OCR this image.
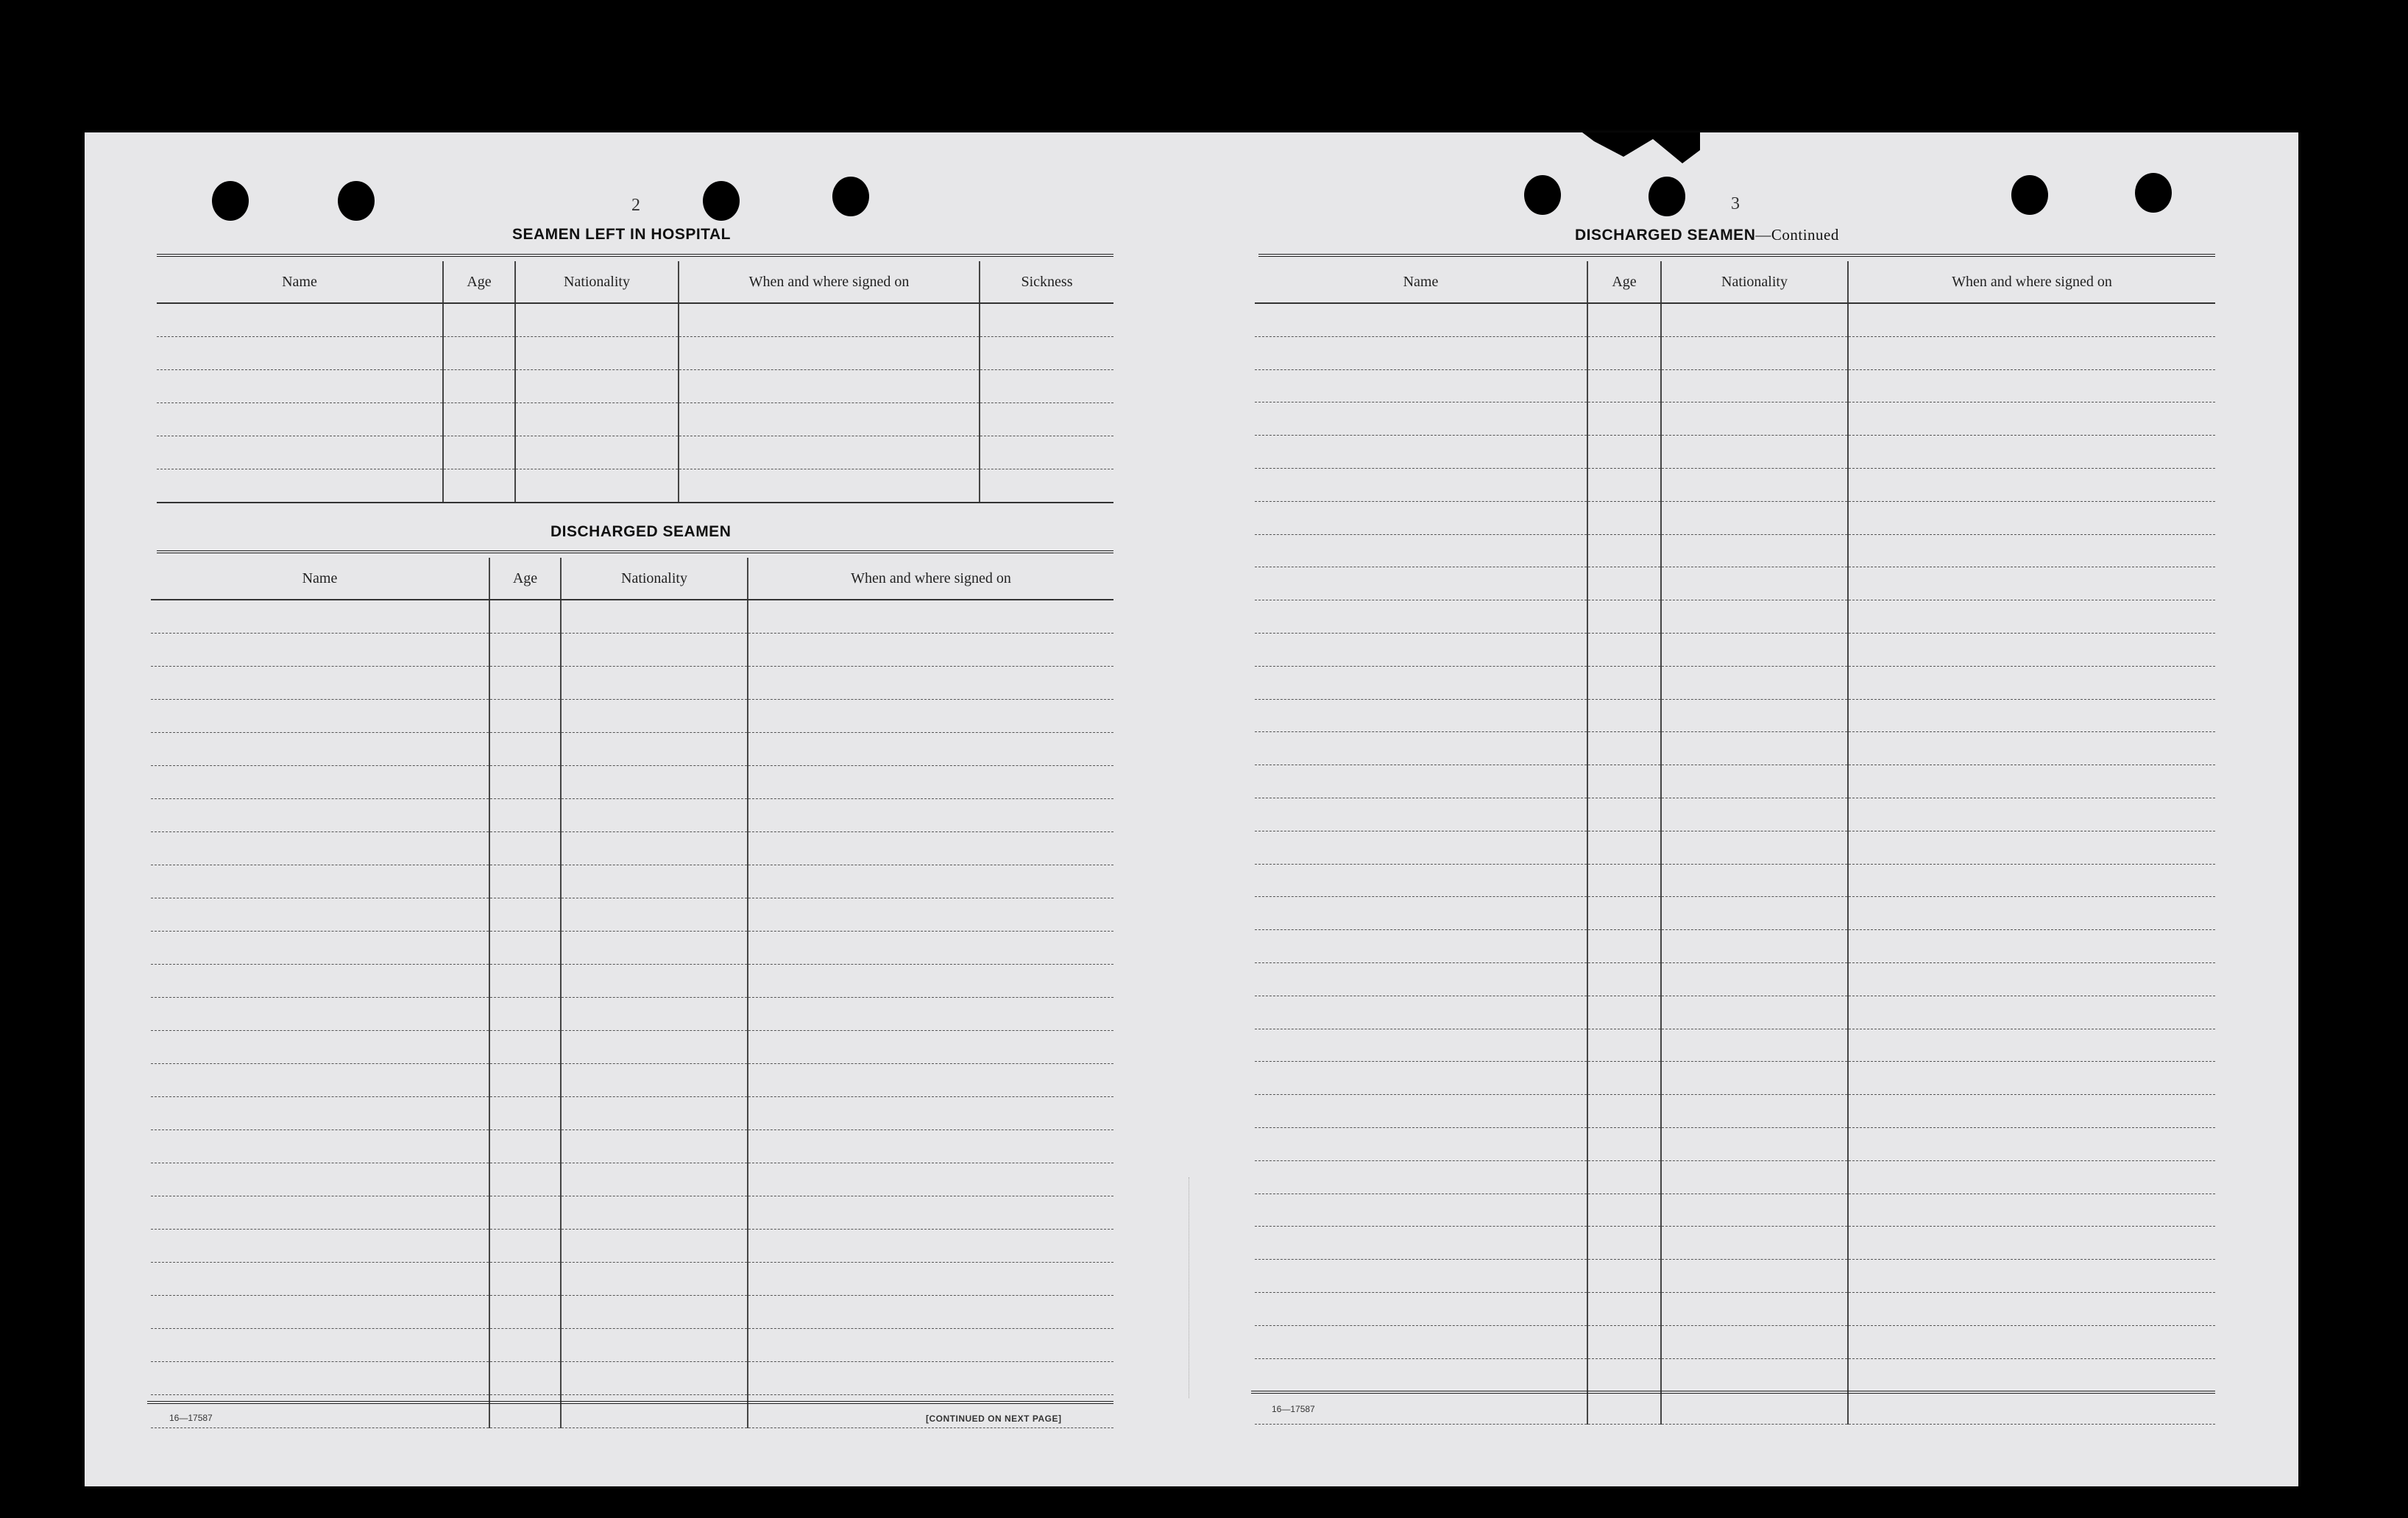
2
SEAMEN LEFT IN HOSPITAL
Name	Age	Nationality	When and where signed on	Sickness

DISCHARGED SEAMEN
Name	Age	Nationality	When and where signed on

16—17587	[CONTINUED ON NEXT PAGE]
3
DISCHARGED SEAMEN—Continued
Name	Age	Nationality	When and where signed on

16—17587
